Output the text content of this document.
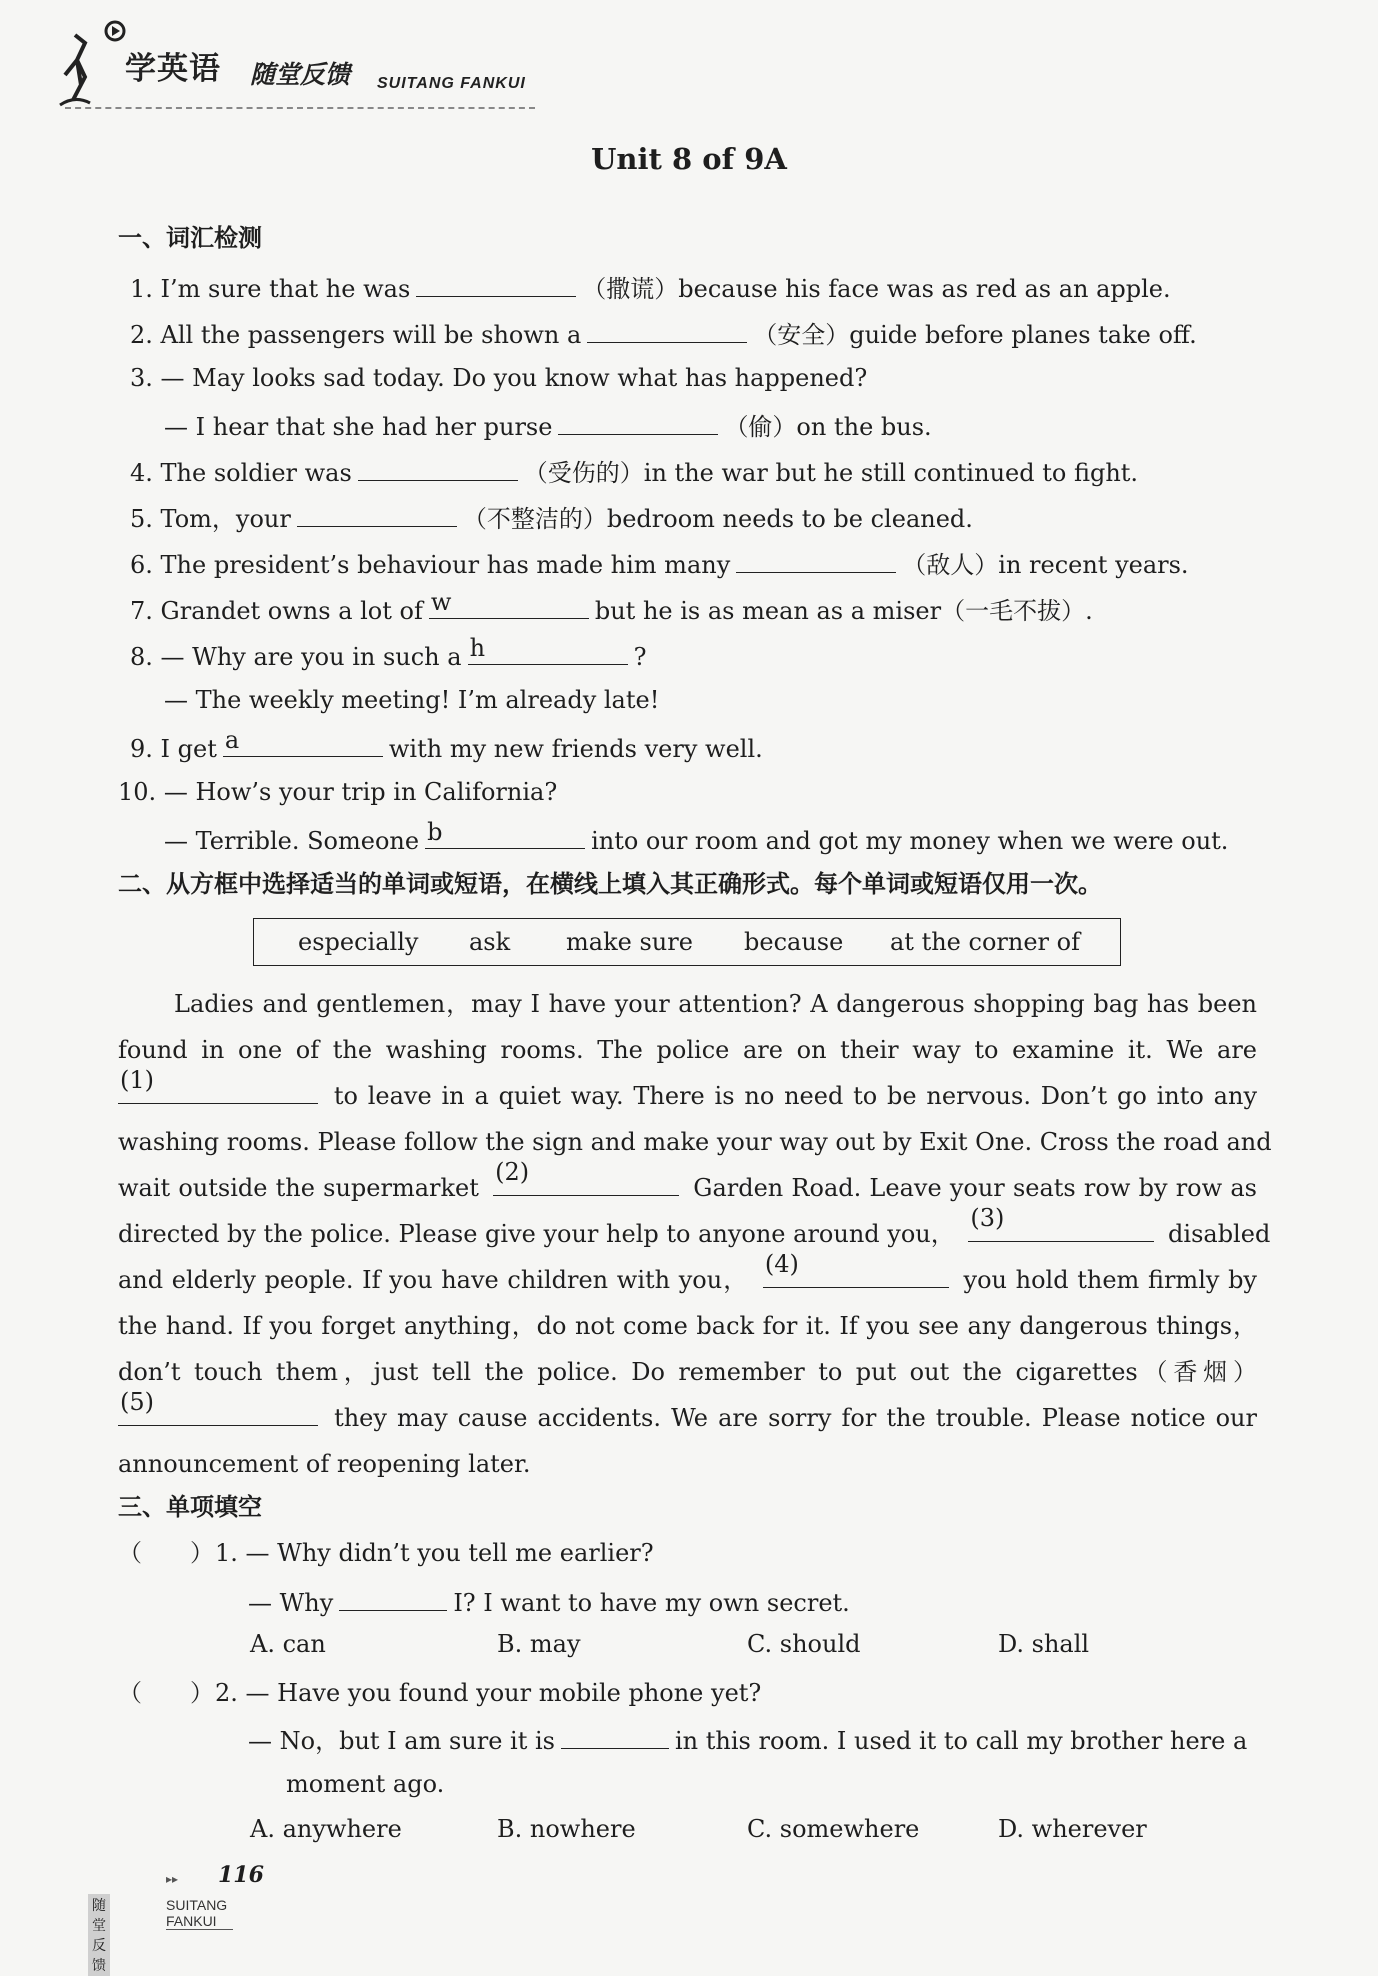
学英语 随堂反馈 SUITANG FANKUI
Unit 8 of 9A
一、词汇检测
1. I’m sure that he was	（撒谎）because his face was as red as an apple.
2. All the passengers will be shown a	（安全）guide before planes take off.
3. — May looks sad today. Do you know what has happened?
— I hear that she had her purse	（偷）on the bus.
4. The soldier was	（受伤的）in the war but he still continued to fight.
5. Tom，your	（不整洁的）bedroom needs to be cleaned.
6. The president’s behaviour has made him many	（敌人）in recent years.
7. Grandet owns a lot of w	but he is as mean as a miser（一毛不拔）.
8. — Why are you in such a h	?
— The weekly meeting! I’m already late!
9. I get a	with my new friends very well.
10. — How’s your trip in California?
— Terrible. Someone b	into our room and got my money when we were out.
二、从方框中选择适当的单词或短语，在横线上填入其正确形式。每个单词或短语仅用一次。
especially ask make sure because at the corner of
Ladies and gentlemen，may I have your attention? A dangerous shopping bag has been
found in one of the washing rooms. The police are on their way to examine it. We are
(1)
to leave in a quiet way. There is no need to be nervous. Don’t go into any
washing rooms. Please follow the sign and make your way out by Exit One. Cross the road and
wait outside the supermarket
(2)
Garden Road. Leave your seats row by row as
directed by the police. Please give your help to anyone around you，
(3)
disabled
and elderly people. If you have children with you，
(4)
you hold them firmly by
the hand. If you forget anything，do not come back for it. If you see any dangerous things，
don’t touch them，just tell the police. Do remember to put out the cigarettes（香烟）
(5)
they may cause accidents. We are sorry for the trouble. Please notice our
announcement of reopening later.
三、单项填空
（　　） 1. — Why didn’t you tell me earlier?
— Why	I? I want to have my own secret.
A. can	B. may	C. should	D. shall
（　　） 2. — Have you found your mobile phone yet?
— No，but I am sure it is	in this room. I used it to call my brother here a
moment ago.
A. anywhere	B. nowhere	C. somewhere	D. wherever
▸▸ 116
随堂反馈
SUITANG FANKUI
